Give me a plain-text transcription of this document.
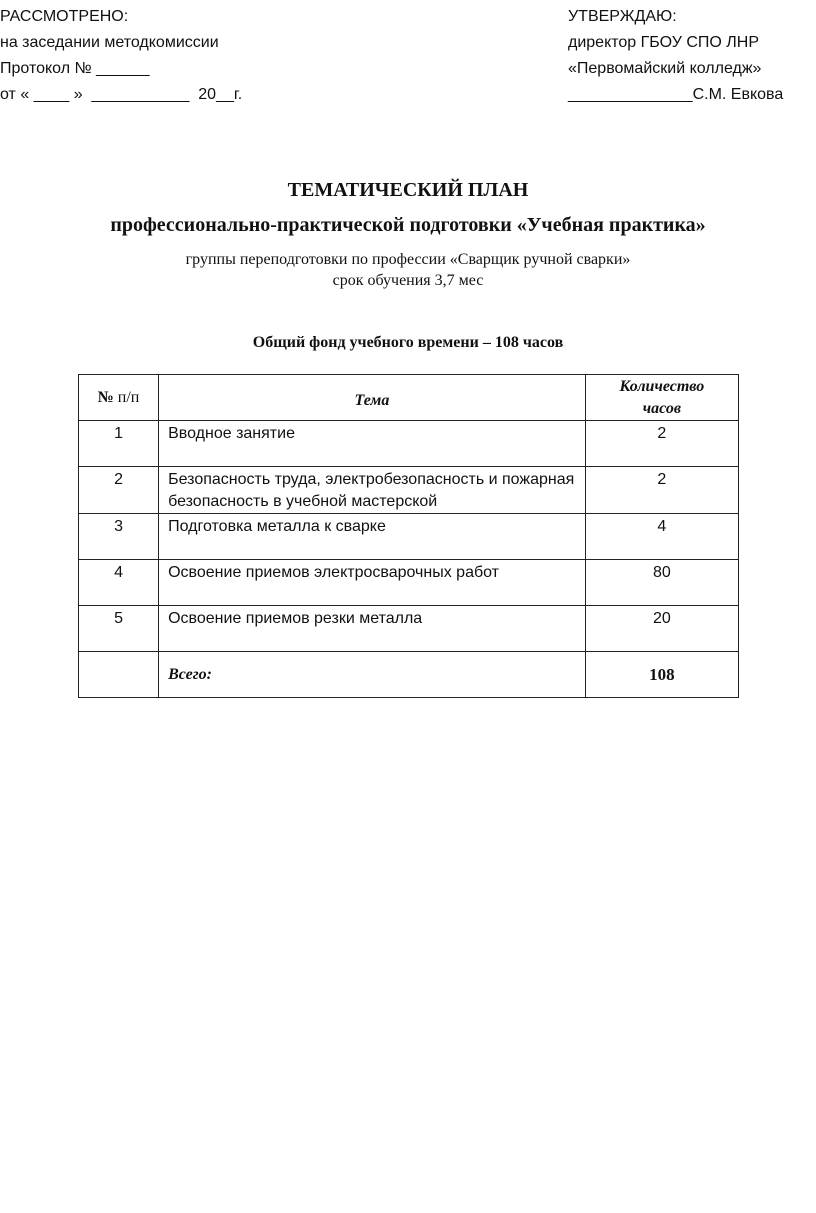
РАССМОТРЕНО:
на заседании методкомиссии
Протокол № ______
от « ____ »  ___________  20__г.
УТВЕРЖДАЮ:
директор ГБОУ СПО ЛНР
«Первомайский колледж»
______________С.М. Евкова
ТЕМАТИЧЕСКИЙ ПЛАН
профессионально-практической подготовки «Учебная практика»
группы переподготовки по профессии «Сварщик ручной сварки»
срок обучения 3,7 мес
Общий фонд учебного времени – 108 часов
№ п/п	Тема	Количество
часов

1	Вводное занятие	2
2	Безопасность труда, электробезопасность и пожарная безопасность в учебной мастерской	2
3	Подготовка металла к сварке	4
4	Освоение приемов электросварочных работ	80
5	Освоение приемов резки металла	20
	Всего:	108
